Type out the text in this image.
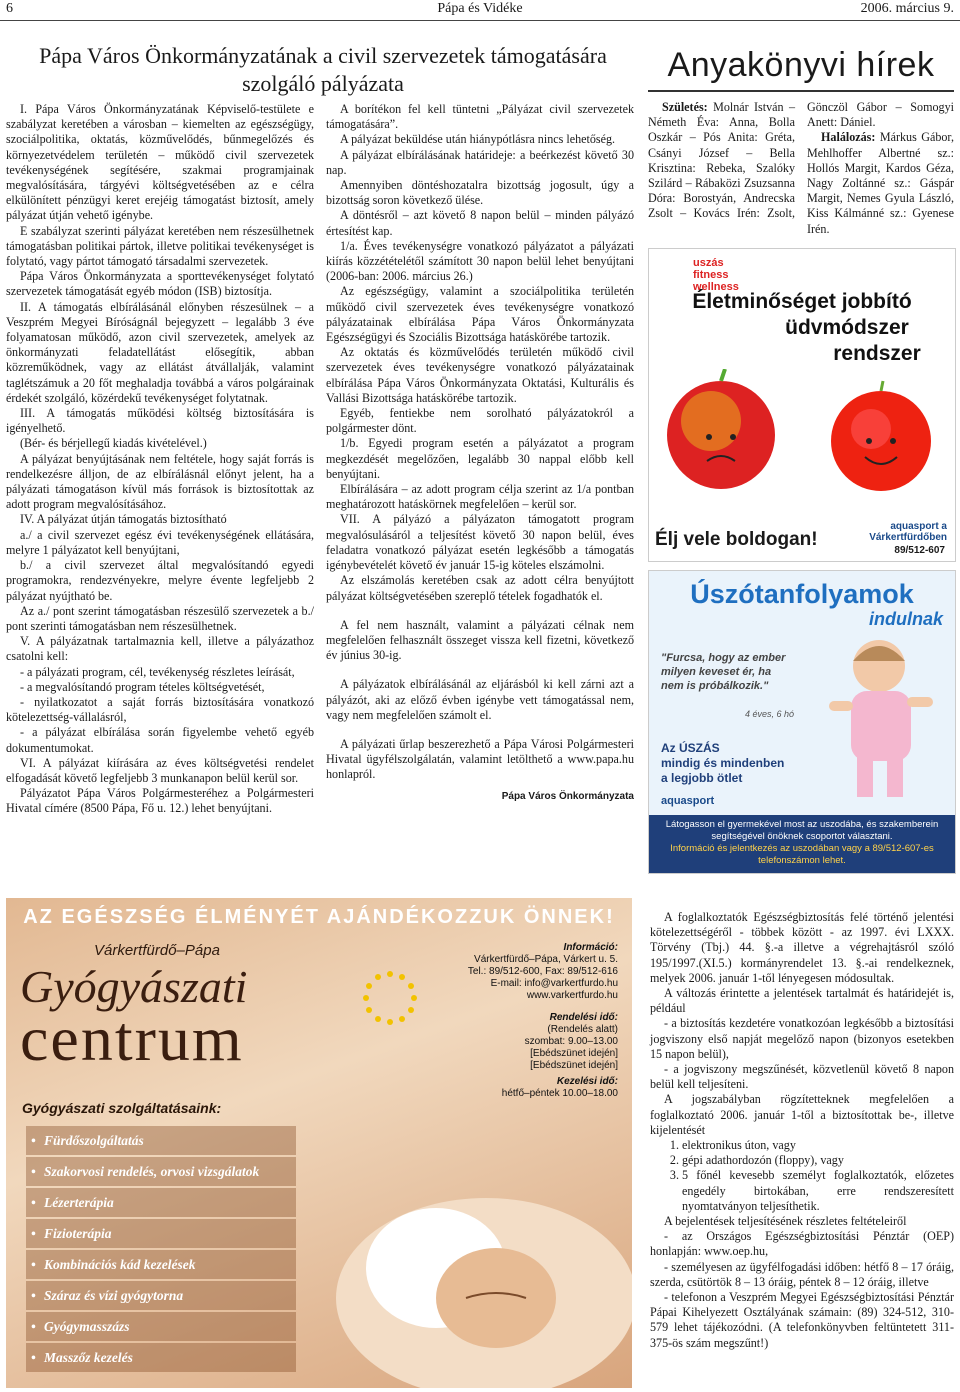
6	Pápa és Vidéke	2006. március 9.
Pápa Város Önkormányzatának a civil szervezetek támogatására
szolgáló pályázata	Anyakönyvi hírek

I. Pápa Város Önkormányzatának Képviselő-testülete e szabályzat keretében a városban – kiemelten az egészségügy, szociálpolitika, oktatás, közművelődés, bűnmegelőzés és környezetvédelem területén – működő civil szervezetek tevékenységének segítésére, szakmai programjainak megvalósítására, tárgyévi költségvetésében az e célra elkülönített pénzügyi keret erejéig támogatást biztosít, amely pályázat útján vehető igénybe.

E szabályzat szerinti pályázat keretében nem részesülhetnek támogatásban politikai pártok, illetve politikai tevékenységet is folytató, vagy pártot támogató társadalmi szervezetek.

Pápa Város Önkormányzata a sporttevékenységet folytató szervezetek támogatását egyéb módon (ISB) biztosítja.

II. A támogatás elbírálásánál előnyben részesülnek – a Veszprém Megyei Bíróságnál bejegyzett – legalább 3 éve folyamatosan működő, azon civil szervezetek, amelyek az önkormányzati feladatellátást elősegítik, abban közreműködnek, vagy az ellátást átvállalják, valamint taglétszámuk a 20 főt meghaladja továbbá a város polgárainak érdekét szolgáló, közérdekű tevékenységet folytatnak.

III. A támogatás működési költség biztosítására is igényelhető.

(Bér- és bérjellegű kiadás kivételével.)

A pályázat benyújtásának nem feltétele, hogy saját forrás is rendelkezésre álljon, de az elbírálásnál előnyt jelent, ha a pályázati támogatáson kívül más források is biztosítottak az adott program megvalósításához.

IV. A pályázat útján támogatás biztosítható

a./ a civil szervezet egész évi tevékenységének ellátására, melyre 1 pályázatot kell benyújtani,

b./ a civil szervezet által megvalósítandó egyedi programokra, rendezvényekre, melyre évente legfeljebb 2 pályázat nyújtható be.

Az a./ pont szerint támogatásban részesülő szervezetek a b./ pont szerinti támogatásban nem részesülhetnek.

V. A pályázatnak tartalmaznia kell, illetve a pályázathoz csatolni kell:

- a pályázati program, cél, tevékenység részletes leírását,

- a megvalósítandó program tételes költségvetését,

- nyilatkozatot a saját forrás biztosítására vonatkozó kötelezettség-vállalásról,

- a pályázat elbírálása során figyelembe vehető egyéb dokumentumokat.

VI. A pályázat kiírására az éves költségvetési rendelet elfogadását követő legfeljebb 3 munkanapon belül kerül sor.

Pályázatot Pápa Város Polgármesteréhez a Polgármesteri Hivatal címére (8500 Pápa, Fő u. 12.) lehet benyújtani.

A borítékon fel kell tüntetni „Pályázat civil szervezetek támogatására”.

A pályázat beküldése után hiánypótlásra nincs lehetőség.

A pályázat elbírálásának határideje: a beérkezést követő 30 nap.

Amennyiben döntéshozatalra bizottság jogosult, úgy a bizottság soron következő ülése.

A döntésről – azt követő 8 napon belül – minden pályázó értesítést kap.

1/a. Éves tevékenységre vonatkozó pályázatot a pályázati kiírás közzétételétől számított 30 napon belül lehet benyújtani (2006-ban: 2006. március 26.)

Az egészségügy, valamint a szociálpolitika területén működő civil szervezetek éves tevékenységre vonatkozó pályázatainak elbírálása Pápa Város Önkormányzata Egészségügyi és Szociális Bizottsága hatáskörébe tartozik.

Az oktatás és közművelődés területén működő civil szervezetek éves tevékenységre vonatkozó pályázatainak elbírálása Pápa Város Önkormányzata Oktatási, Kulturális és Vallási Bizottsága hatáskörébe tartozik.

Egyéb, fentiekbe nem sorolható pályázatokról a polgármester dönt.

1/b. Egyedi program esetén a pályázatot a program megkezdését megelőzően, legalább 30 nappal előbb kell benyújtani.

Elbírálására – az adott program célja szerint az 1/a pontban meghatározott hatáskörnek megfelelően – kerül sor.

VII. A pályázó a pályázaton támogatott program megvalósulásáról a teljesítést követő 30 napon belül, éves feladatra vonatkozó pályázat esetén legkésőbb a támogatás igénybevételét követő év január 15-ig köteles elszámolni.

Az elszámolás keretében csak az adott célra benyújtott pályázat költségvetésében szereplő tételek fogadhatók el.

A fel nem használt, valamint a pályázati célnak nem megfelelően felhasznált összeget vissza kell fizetni, következő év június 30-ig.

A pályázatok elbírálásánál az eljárásból ki kell zárni azt a pályázót, aki az előző évben igénybe vett támogatással nem, vagy nem megfelelően számolt el.

A pályázati űrlap beszerezhető a Pápa Városi Polgármesteri Hivatal ügyfélszolgálatán, valamint letölthető a www.papa.hu honlapról.

Pápa Város Önkormányzata

Születés: Molnár István – Németh Éva: Anna, Bolla Oszkár – Pós Anita: Gréta, Csányi József – Bella Krisztina: Rebeka, Szalóky Szilárd – Rábaközi Zsuzsanna Dóra: Borostyán, Andrecska Zsolt – Kovács Irén: Zsolt, Gönczöl Gábor – Somogyi Anett: Dániel.

Halálozás: Márkus Gábor, Mehlhoffer Albertné sz.: Hollós Margit, Kardos Géza, Nagy Zoltánné sz.: Gáspár Margit, Nemes Gyula László, Kiss Kálmánné sz.: Gyenese Irén.

uszás fitness wellness
Életminőséget jobbító
üdvmódszer
rendszer
Élj vele boldogan!
aquasport a Várkertfürdőben
89/512-607
Úszótanfolyamok
indulnak
"Furcsa, hogy az ember milyen keveset ér, ha nem is próbálkozik."
4 éves, 6 hó
Az ÚSZÁS
mindig és mindenben
a legjobb ötlet
aquasport
Látogasson el gyermekével most az uszodába, és szakemberein segítségével önöknek csoportot választani.
Információ és jelentkezés az uszodában vagy a 89/512-607-es telefonszámon lehet.
AZ EGÉSZSÉG ÉLMÉNYÉT AJÁNDÉKOZZUK ÖNNEK!
Várkertfürdő–Pápa
Gyógyászati
centrum
Információ:
Várkertfürdő–Pápa, Várkert u. 5.
Tel.: 89/512-600, Fax: 89/512-616
E-mail: info@varkertfurdo.hu
www.varkertfurdo.hu
Rendelési idő:
(Rendelés alatt)
szombat: 9.00–13.00
[Ebédszünet idején]
[Ebédszünet idején]
Kezelési idő:
hétfő–péntek 10.00–18.00
Gyógyászati szolgáltatásaink:
• Fürdőszolgáltatás
• Szakorvosi rendelés, orvosi vizsgálatok
• Lézerterápia
• Fizioterápia
• Kombinációs kád kezelések
• Száraz és vízi gyógytorna
• Gyógymasszázs
• Masszőz kezelés

A foglalkoztatók Egészségbiztosítás felé történő jelentési kötelezettségéről - többek között - az 1997. évi LXXX. Törvény (Tbj.) 44. §.-a illetve a végrehajtásról szóló 195/1997.(XI.5.) kormányrendelet 13. §.-ai rendelkeznek, melyek 2006. január 1-től lényegesen módosultak.

A változás érintette a jelentések tartalmát és határidejét is, például

- a biztosítás kezdetére vonatkozóan legkésőbb a biztosítási jogviszony első napját megelőző napon (bizonyos esetekben 15 napon belül),

- a jogviszony megszűnését, közvetlenül követő 8 napon belül kell teljesíteni.

A jogszabályban rögzítetteknek megfelelően a foglalkoztató 2006. január 1-től a biztosítottak be-, illetve kijelentését

1. elektronikus úton, vagy
2. gépi adathordozón (floppy), vagy
3. 5 főnél kevesebb személyt foglalkoztatók, előzetes engedély birtokában, erre rendszeresített nyomtatványon teljesíthetik.

A bejelentések teljesítésének részletes feltételeiről

- az Országos Egészségbiztosítási Pénztár (OEP) honlapján: www.oep.hu,

- személyesen az ügyfélfogadási időben: hétfő 8 – 17 óráig, szerda, csütörtök 8 – 13 óráig, péntek 8 – 12 óráig, illetve

- telefonon a Veszprém Megyei Egészségbiztosítási Pénztár Pápai Kihelyezett Osztályának számain: (89) 324-512, 310-579 lehet tájékozódni. (A telefonkönyvben feltüntetett 311-375-ös szám megszűnt!)
